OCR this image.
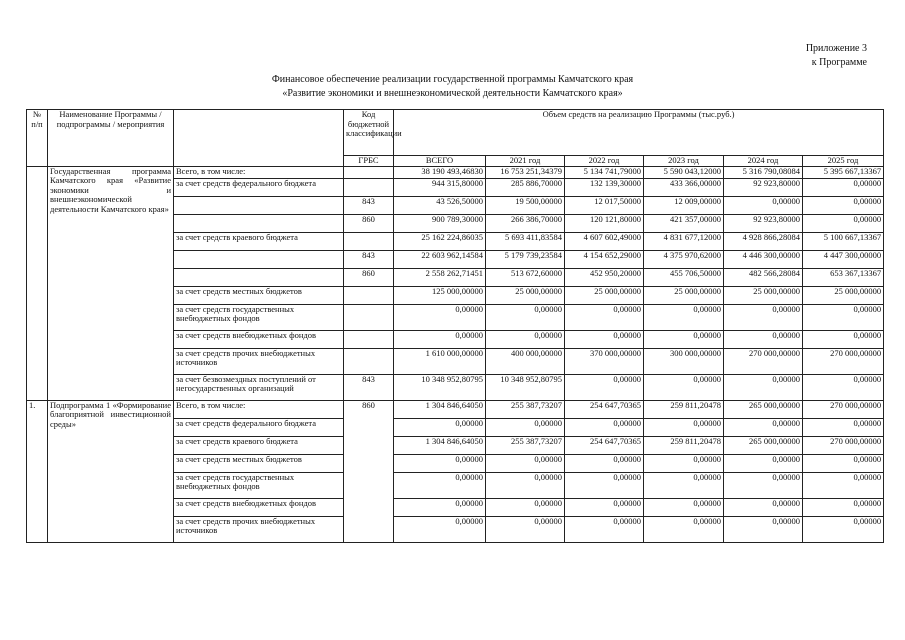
Приложение 3
к Программе
Финансовое обеспечение реализации государственной программы Камчатского края
«Развитие экономики и внешнеэкономической деятельности Камчатского края»
№ п/п	Наименование Программы / подпрограммы / мероприятия		Код бюджетной классификации	Объем средств на реализацию Программы (тыс.руб.)					
			ГРБС	ВСЕГО	2021 год	2022 год	2023 год	2024 год	2025 год
	Государственная программа Камчатского края «Развитие экономики и внешнеэкономической деятельности Камчатского края»	Всего, в том числе:		38 190 493,46830	16 753 251,34379	5 134 741,79000	5 590 043,12000	5 316 790,08084	5 395 667,13367
		за счет средств федерального бюджета		944 315,80000	285 886,70000	132 139,30000	433 366,00000	92 923,80000	0,00000
			843	43 526,50000	19 500,00000	12 017,50000	12 009,00000	0,00000	0,00000
			860	900 789,30000	266 386,70000	120 121,80000	421 357,00000	92 923,80000	0,00000
		за счет средств краевого бюджета		25 162 224,86035	5 693 411,83584	4 607 602,49000	4 831 677,12000	4 928 866,28084	5 100 667,13367
			843	22 603 962,14584	5 179 739,23584	4 154 652,29000	4 375 970,62000	4 446 300,00000	4 447 300,00000
			860	2 558 262,71451	513 672,60000	452 950,20000	455 706,50000	482 566,28084	653 367,13367
		за счет средств местных бюджетов		125 000,00000	25 000,00000	25 000,00000	25 000,00000	25 000,00000	25 000,00000
		за счет средств государственных внебюджетных фондов		0,00000	0,00000	0,00000	0,00000	0,00000	0,00000
		за счет средств внебюджетных фондов		0,00000	0,00000	0,00000	0,00000	0,00000	0,00000
		за счет средств прочих внебюджетных источников		1 610 000,00000	400 000,00000	370 000,00000	300 000,00000	270 000,00000	270 000,00000
		за счет безвозмездных поступлений от негосударственных организаций	843	10 348 952,80795	10 348 952,80795	0,00000	0,00000	0,00000	0,00000
1.	Подпрограмма 1 «Формирование благоприятной инвестиционной среды»	Всего, в том числе:	860	1 304 846,64050	255 387,73207	254 647,70365	259 811,20478	265 000,00000	270 000,00000
		за счет средств федерального бюджета		0,00000	0,00000	0,00000	0,00000	0,00000	0,00000
		за счет средств краевого бюджета		1 304 846,64050	255 387,73207	254 647,70365	259 811,20478	265 000,00000	270 000,00000
		за счет средств местных бюджетов		0,00000	0,00000	0,00000	0,00000	0,00000	0,00000
		за счет средств государственных внебюджетных фондов		0,00000	0,00000	0,00000	0,00000	0,00000	0,00000
		за счет средств внебюджетных фондов		0,00000	0,00000	0,00000	0,00000	0,00000	0,00000
		за счет средств прочих внебюджетных источников		0,00000	0,00000	0,00000	0,00000	0,00000	0,00000
